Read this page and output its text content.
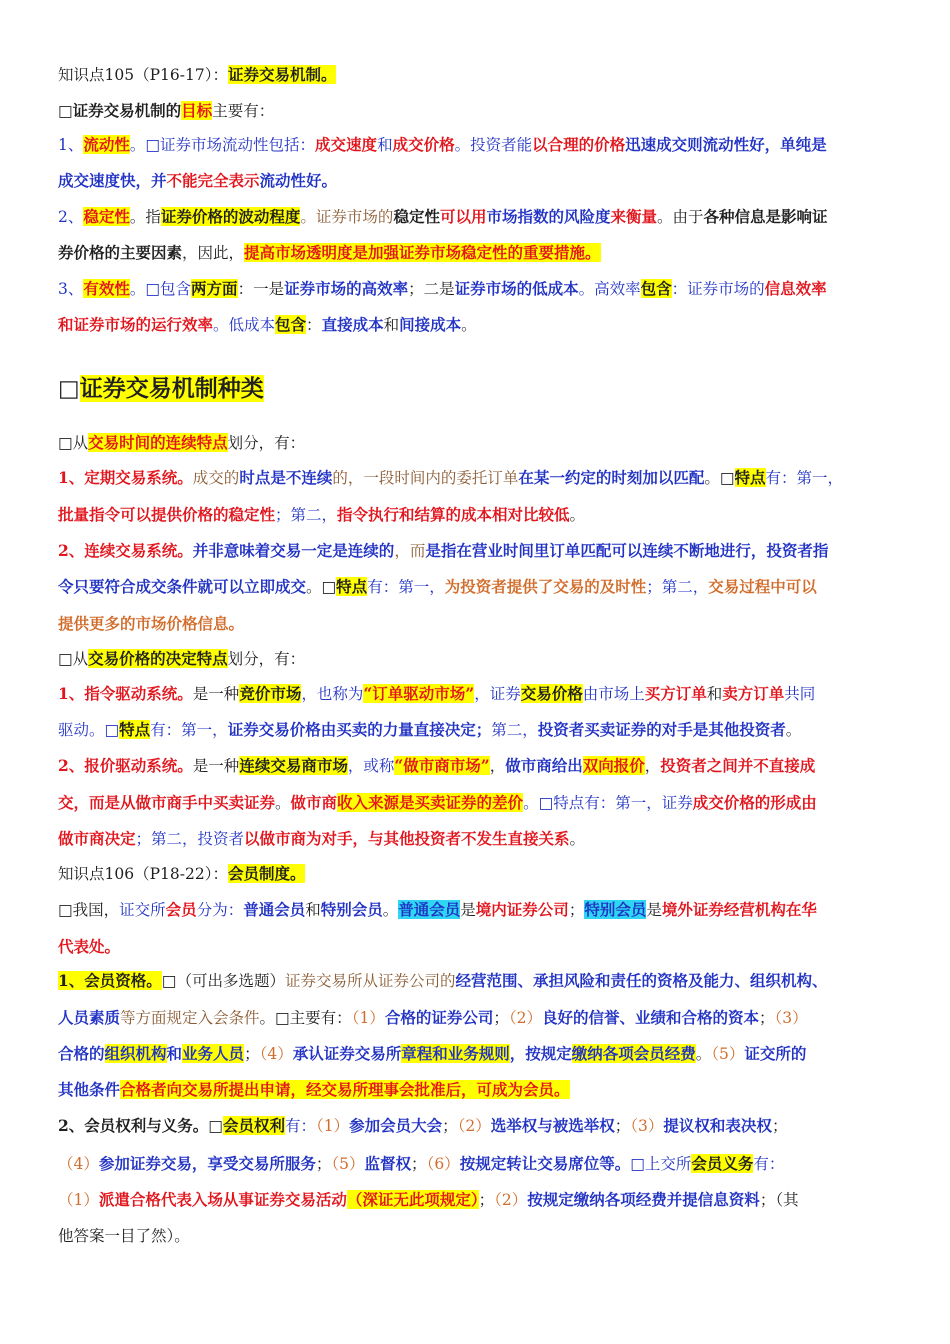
知识点105（P16-17）：证券交易机制。
□证券交易机制的目标主要有：
1、流动性。□证券市场流动性包括：成交速度和成交价格。投资者能以合理的价格迅速成交则流动性好，单纯是
成交速度快，并不能完全表示流动性好。
2、稳定性。指证券价格的波动程度。证券市场的稳定性可以用市场指数的风险度来衡量。由于各种信息是影响证
券价格的主要因素，因此，提高市场透明度是加强证券市场稳定性的重要措施。
3、有效性。□包含两方面：一是证券市场的高效率；二是证券市场的低成本。高效率包含：证券市场的信息效率
和证券市场的运行效率。低成本包含：直接成本和间接成本。
□证券交易机制种类
□从交易时间的连续特点划分，有：
1、定期交易系统。成交的时点是不连续的，一段时间内的委托订单在某一约定的时刻加以匹配。□特点有：第一，
批量指令可以提供价格的稳定性；第二，指令执行和结算的成本相对比较低。
2、连续交易系统。并非意味着交易一定是连续的，而是指在营业时间里订单匹配可以连续不断地进行，投资者指
令只要符合成交条件就可以立即成交。□特点有：第一，为投资者提供了交易的及时性；第二，交易过程中可以
提供更多的市场价格信息。
□从交易价格的决定特点划分，有：
1、指令驱动系统。是一种竞价市场，也称为“订单驱动市场”，证券交易价格由市场上买方订单和卖方订单共同
驱动。□特点有：第一，证券交易价格由买卖的力量直接决定；第二，投资者买卖证券的对手是其他投资者。
2、报价驱动系统。是一种连续交易商市场，或称“做市商市场”，做市商给出双向报价，投资者之间并不直接成
交，而是从做市商手中买卖证券。做市商收入来源是买卖证券的差价。□特点有：第一，证券成交价格的形成由
做市商决定；第二，投资者以做市商为对手，与其他投资者不发生直接关系。
知识点106（P18-22）：会员制度。
□我国，证交所会员分为：普通会员和特别会员。普通会员是境内证券公司；特别会员是境外证券经营机构在华
代表处。
1、会员资格。□（可出多选题）证券交易所从证券公司的经营范围、承担风险和责任的资格及能力、组织机构、
人员素质等方面规定入会条件。□主要有：（1）合格的证券公司；（2）良好的信誉、业绩和合格的资本；（3）
合格的组织机构和业务人员；（4）承认证券交易所章程和业务规则，按规定缴纳各项会员经费。（5）证交所的
其他条件合格者向交易所提出申请，经交易所理事会批准后，可成为会员。
2、会员权利与义务。□会员权利有：（1）参加会员大会；（2）选举权与被选举权；（3）提议权和表决权；
（4）参加证券交易，享受交易所服务；（5）监督权；（6）按规定转让交易席位等。□上交所会员义务有：
（1）派遣合格代表入场从事证券交易活动（深证无此项规定）；（2）按规定缴纳各项经费并提信息资料；（其
他答案一目了然）。
